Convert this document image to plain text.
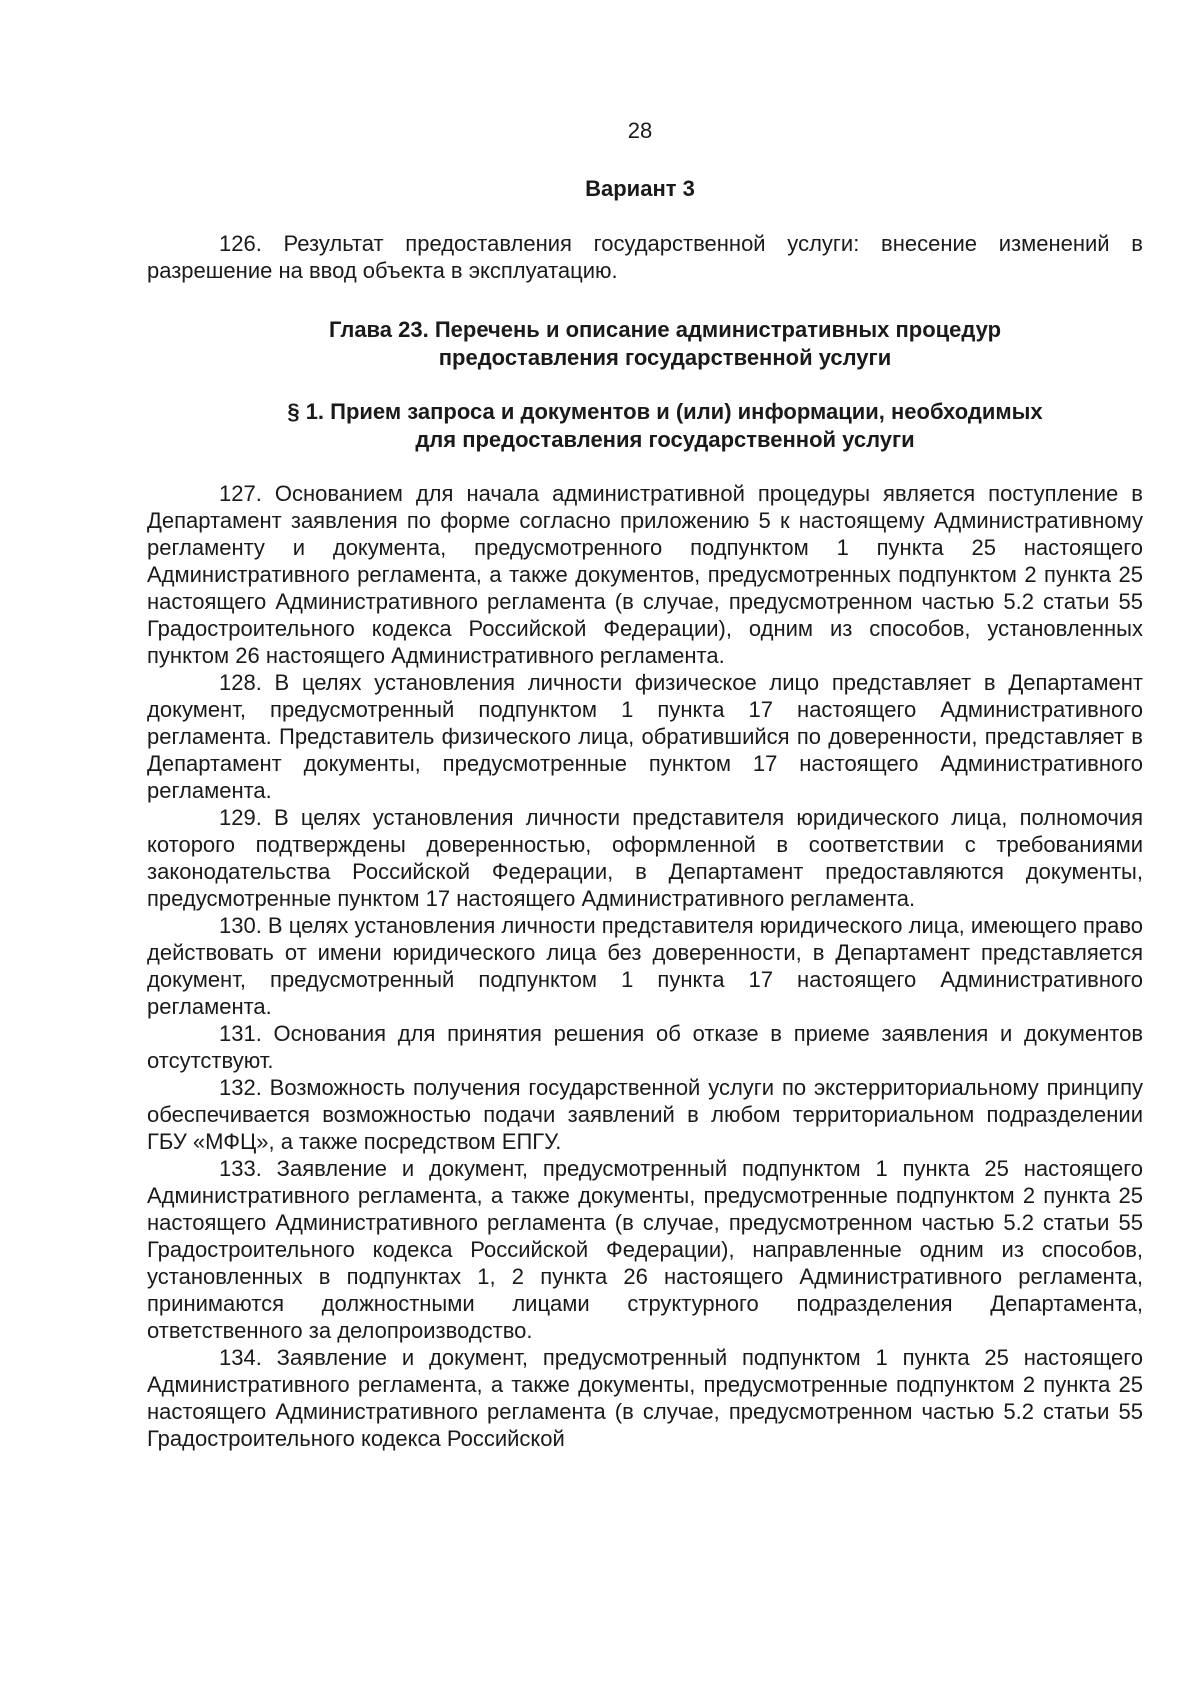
28
Вариант 3

126. Результат предоставления государственной услуги: внесение изменений в разрешение на ввод объекта в эксплуатацию.

Глава 23. Перечень и описание административных процедур
предоставления государственной услуги
§ 1. Прием запроса и документов и (или) информации, необходимых
для предоставления государственной услуги

127. Основанием для начала административной процедуры является поступление в Департамент заявления по форме согласно приложению 5 к настоящему Административному регламенту и документа, предусмотренного подпунктом 1 пункта 25 настоящего Административного регламента, а также документов, предусмотренных подпунктом 2 пункта 25 настоящего Административного регламента (в случае, предусмотренном частью 5.2 статьи 55 Градостроительного кодекса Российской Федерации), одним из способов, установленных пунктом 26 настоящего Административного регламента.

128. В целях установления личности физическое лицо представляет в Департамент документ, предусмотренный подпунктом 1 пункта 17 настоящего Административного регламента. Представитель физического лица, обратившийся по доверенности, представляет в Департамент документы, предусмотренные пунктом 17 настоящего Административного регламента.

129. В целях установления личности представителя юридического лица, полномочия которого подтверждены доверенностью, оформленной в соответствии с требованиями законодательства Российской Федерации, в Департамент предоставляются документы, предусмотренные пунктом 17 настоящего Административного регламента.

130. В целях установления личности представителя юридического лица, имеющего право действовать от имени юридического лица без доверенности, в Департамент представляется документ, предусмотренный подпунктом 1 пункта 17 настоящего Административного регламента.

131. Основания для принятия решения об отказе в приеме заявления и документов отсутствуют.

132. Возможность получения государственной услуги по экстерриториальному принципу обеспечивается возможностью подачи заявлений в любом территориальном подразделении ГБУ «МФЦ», а также посредством ЕПГУ.

133. Заявление и документ, предусмотренный подпунктом 1 пункта 25 настоящего Административного регламента, а также документы, предусмотренные подпунктом 2 пункта 25 настоящего Административного регламента (в случае, предусмотренном частью 5.2 статьи 55 Градостроительного кодекса Российской Федерации), направленные одним из способов, установленных в подпунктах 1, 2 пункта 26 настоящего Административного регламента, принимаются должностными лицами структурного подразделения Департамента, ответственного за делопроизводство.

134. Заявление и документ, предусмотренный подпунктом 1 пункта 25 настоящего Административного регламента, а также документы, предусмотренные подпунктом 2 пункта 25 настоящего Административного регламента (в случае, предусмотренном частью 5.2 статьи 55 Градостроительного кодекса Российской
